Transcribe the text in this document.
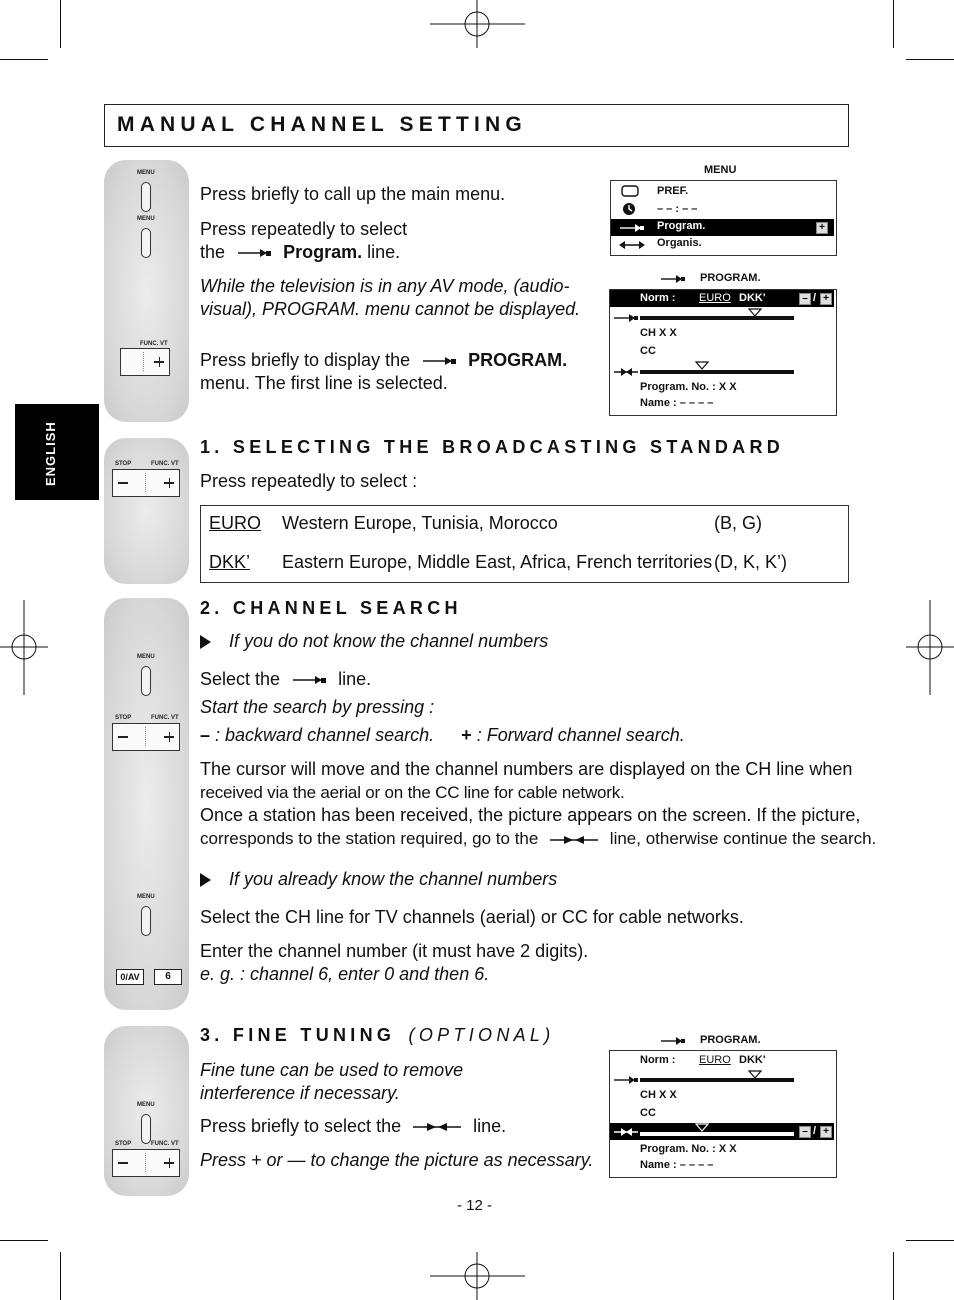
MANUAL CHANNEL SETTING
ENGLISH
MENU
MENU
FUNC. VT
STOP	FUNC. VT
MENU
STOP	FUNC. VT
MENU
0/AV	6
MENU
STOP	FUNC. VT
Press briefly to call up the main menu.
Press repeatedly to select
the	Program. line.
While the television is in any AV mode, (audio-
visual), PROGRAM. menu cannot be displayed.
Press briefly to display the	PROGRAM.
menu. The first line is selected.
MENU
PREF.
– – : – –
Program.	+
Organis.
PROGRAM.
Norm : EURO DKK'	– / +
CH X X
CC
Program. No. : X X
Name : – – – –
1. SELECTING THE BROADCASTING STANDARD
Press repeatedly to select :
EURO Western Europe, Tunisia, Morocco	(B, G)
DKK’ Eastern Europe, Middle East, Africa, French territories (D, K, K’)
2. CHANNEL SEARCH
If you do not know the channel numbers
Select the	line.
Start the search by pressing :
– : backward channel search. + : Forward channel search.
The cursor will move and the channel numbers are displayed on the CH line when
received via the aerial or on the CC line for cable network.
Once a station has been received, the picture appears on the screen. If the picture,
corresponds to the station required, go to the	line, otherwise continue the search.
If you already know the channel numbers
Select the CH line for TV channels (aerial) or CC for cable networks.
Enter the channel number (it must have 2 digits).
e. g. : channel 6, enter 0 and then 6.
3. FINE TUNING (OPTIONAL)
Fine tune can be used to remove
interference if necessary.
Press briefly to select the	line.
Press + or — to change the picture as necessary.
PROGRAM.
Norm : EURO DKK'
CH X X
CC
– / +
Program. No. : X X
Name : – – – –
- 12 -
